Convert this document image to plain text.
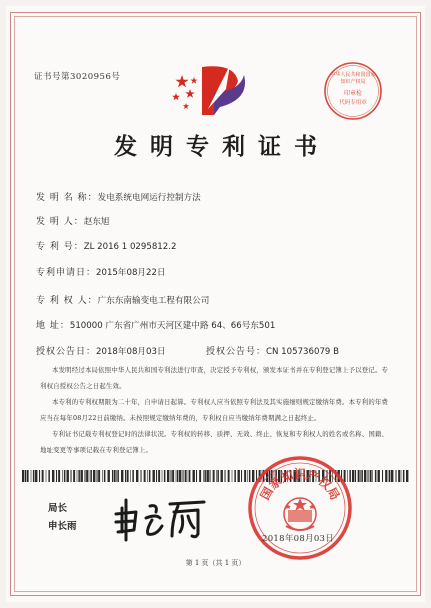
证书号第3020956号	中华人民共和国国家
知识产权局
印章检
代码专用章
发明专利证书
发 明 名 称：发电系统电网运行控制方法
发 明 人：赵东旭
专 利 号：ZL 2016 1 0295812.2
专利申请日：2015年08月22日
专 利 权 人：广东东南输变电工程有限公司
地 址：510000 广东省广州市天河区建中路 64、66号东501
授权公告日：2018年08月03日	授权公告号：CN 105736079 B
本发明经过本局依照中华人民共和国专利法进行审查，决定授予专利权，颁发本证书并在专利登记簿上予以登记。专利权自授权公告之日起生效。
本专利的专利权期限为二十年，自申请日起算。专利权人应当依照专利法及其实施细则规定缴纳年费。本专利的年费应当在每年08月22日前缴纳。未按照规定缴纳年费的，专利权自应当缴纳年费期满之日起终止。
专利证书记载专利权登记时的法律状况。专利权的转移、质押、无效、终止、恢复和专利权人的姓名或名称、国籍、地址变更等事项记载在专利登记簿上。
局长
申长雨
国家知识产权局
2018年08月03日
第 1 页（共 1 页）
